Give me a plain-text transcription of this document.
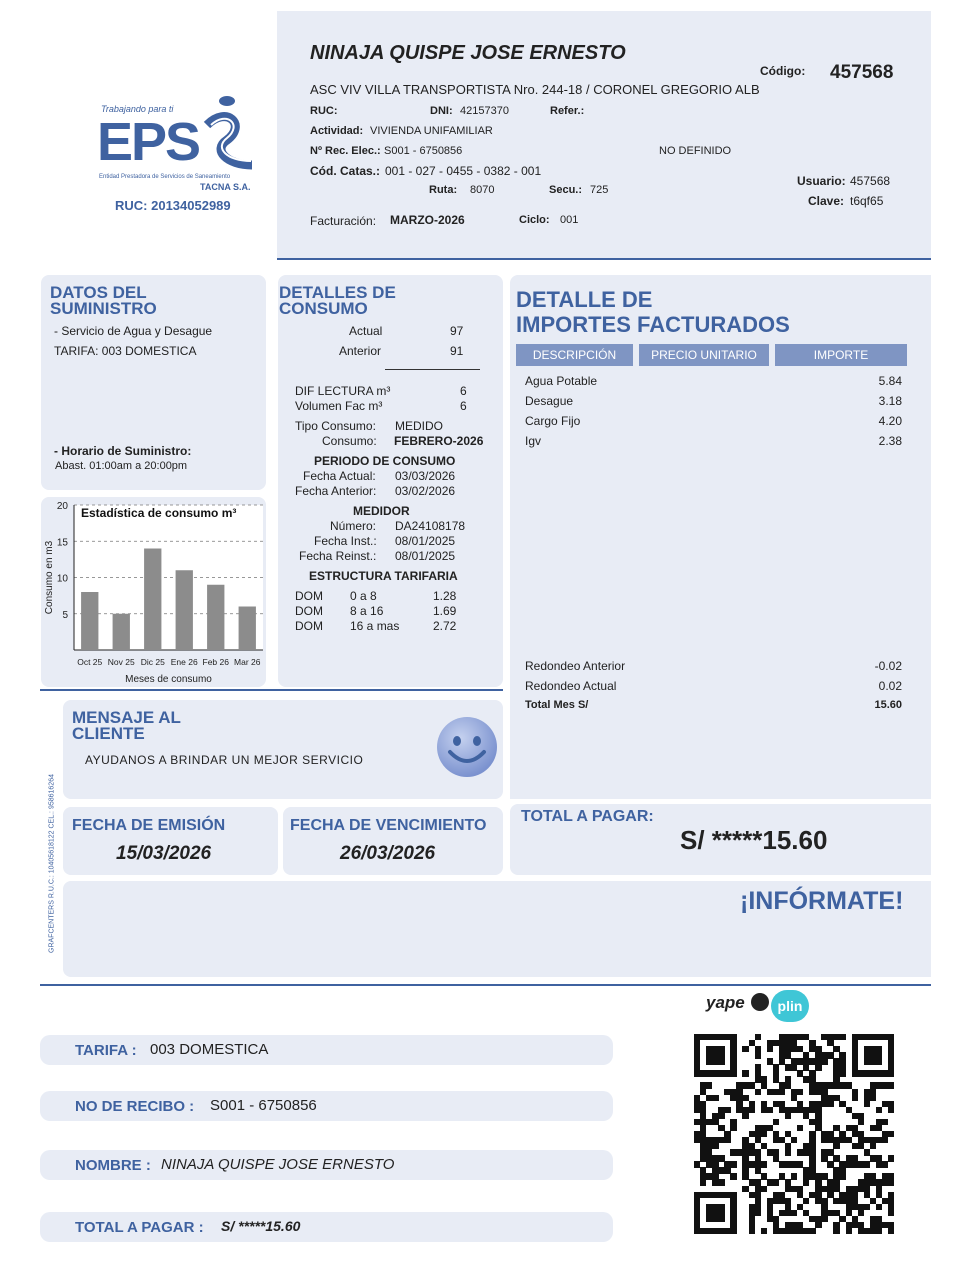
Trabajando para ti
EPS
Entidad Prestadora de Servicios de Saneamiento
TACNA S.A.
RUC: 20134052989
NINAJA QUISPE JOSE ERNESTO
Código: 457568
ASC VIV VILLA TRANSPORTISTA Nro. 244-18 / CORONEL GREGORIO ALB
RUC:	DNI: 42157370	Refer.:
Actividad: VIVIENDA UNIFAMILIAR
Nº Rec. Elec.: S001 - 6750856	NO DEFINIDO
Cód. Catas.: 001 - 027 - 0455 - 0382 - 001
Ruta: 8070	Secu.: 725
Usuario: 457568
Clave: t6qf65
Facturación: MARZO-2026	Ciclo: 001
DATOS DEL
SUMINISTRO
- Servicio de Agua y Desague
TARIFA: 003 DOMESTICA
- Horario de Suministro:
Abast. 01:00am a 20:00pm
5
10
15
20
Oct 25 Nov 25 Dic 25 Ene 26 Feb 26 Mar 26
Estadística de consumo m³
Meses de consumo
Consumo en m3
DETALLES DE
CONSUMO
Actual	97
Anterior	91
DIF LECTURA m³	6
Volumen Fac m³	6
Tipo Consumo: MEDIDO
Consumo: FEBRERO-2026
PERIODO DE CONSUMO
Fecha Actual: 03/03/2026
Fecha Anterior: 03/02/2026
MEDIDOR
Número: DA24108178
Fecha Inst.: 08/01/2025
Fecha Reinst.: 08/01/2025
ESTRUCTURA TARIFARIA
DOM 0 a 8	1.28
DOM 8 a 16	1.69
DOM 16 a mas	2.72
DETALLE DE
IMPORTES FACTURADOS
DESCRIPCIÓN	PRECIO UNITARIO	IMPORTE
Agua Potable	5.84
Desague	3.18
Cargo Fijo	4.20
Igv	2.38
Redondeo Anterior	-0.02
Redondeo Actual	0.02
Total Mes S/	15.60
MENSAJE AL
CLIENTE
AYUDANOS A BRINDAR UN MEJOR SERVICIO
GRAFCENTERS R.U.C.: 10405618122 CEL.: 958616264 FECHA DE EMISIÓN
15/03/2026
FECHA DE VENCIMIENTO
26/03/2026
TOTAL A PAGAR:
S/ *****15.60
¡INFÓRMATE!
yape	plin
TARIFA : 003 DOMESTICA
NO DE RECIBO : S001 - 6750856
NOMBRE : NINAJA QUISPE JOSE ERNESTO
TOTAL A PAGAR : S/ *****15.60
